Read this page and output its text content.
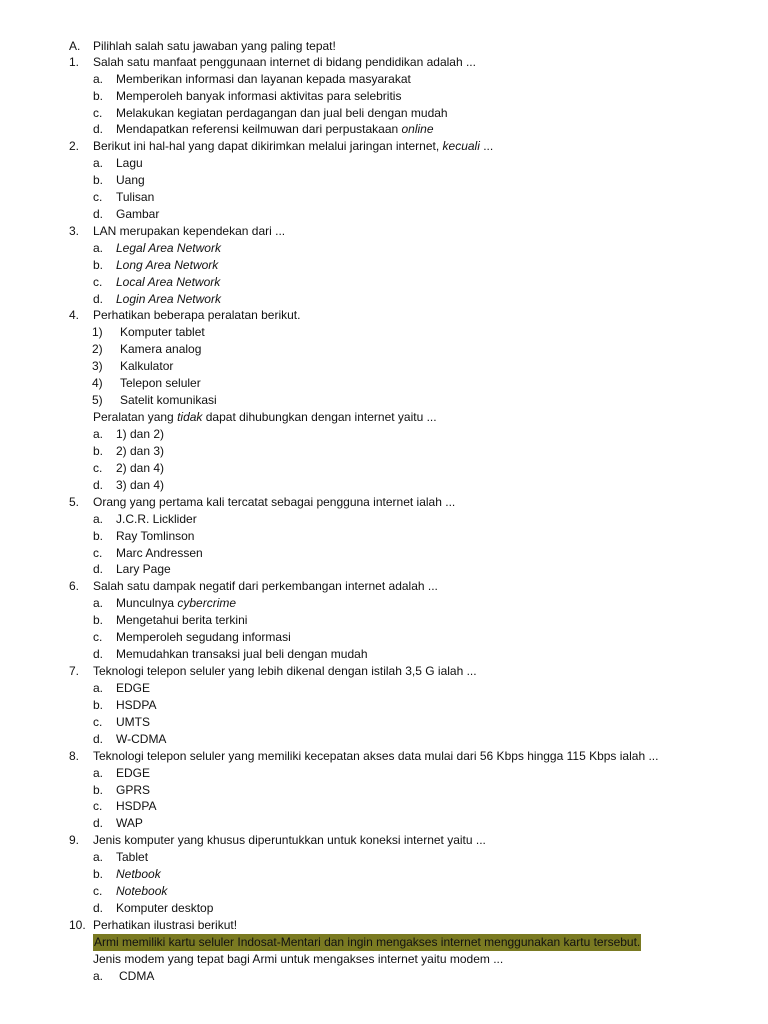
A. Pilihlah salah satu jawaban yang paling tepat!
1. Salah satu manfaat penggunaan internet di bidang pendidikan adalah ...
a. Memberikan informasi dan layanan kepada masyarakat
b. Memperoleh banyak informasi aktivitas para selebritis
c. Melakukan kegiatan perdagangan dan jual beli dengan mudah
d. Mendapatkan referensi keilmuwan dari perpustakaan online
2. Berikut ini hal-hal yang dapat dikirimkan melalui jaringan internet, kecuali ...
a. Lagu
b. Uang
c. Tulisan
d. Gambar
3. LAN merupakan kependekan dari ...
a. Legal Area Network
b. Long Area Network
c. Local Area Network
d. Login Area Network
4. Perhatikan beberapa peralatan berikut.
1) Komputer tablet
2) Kamera analog
3) Kalkulator
4) Telepon seluler
5) Satelit komunikasi
Peralatan yang tidak dapat dihubungkan dengan internet yaitu ...
a. 1) dan 2)
b. 2) dan 3)
c. 2) dan 4)
d. 3) dan 4)
5. Orang yang pertama kali tercatat sebagai pengguna internet ialah ...
a. J.C.R. Licklider
b. Ray Tomlinson
c. Marc Andressen
d. Lary Page
6. Salah satu dampak negatif dari perkembangan internet adalah ...
a. Munculnya cybercrime
b. Mengetahui berita terkini
c. Memperoleh segudang informasi
d. Memudahkan transaksi jual beli dengan mudah
7. Teknologi telepon seluler yang lebih dikenal dengan istilah 3,5 G ialah ...
a. EDGE
b. HSDPA
c. UMTS
d. W-CDMA
8. Teknologi telepon seluler yang memiliki kecepatan akses data mulai dari 56 Kbps hingga 115 Kbps ialah ...
a. EDGE
b. GPRS
c. HSDPA
d. WAP
9. Jenis komputer yang khusus diperuntukkan untuk koneksi internet yaitu ...
a. Tablet
b. Netbook
c. Notebook
d. Komputer desktop
10. Perhatikan ilustrasi berikut!
Armi memiliki kartu seluler Indosat-Mentari dan ingin mengakses internet menggunakan kartu tersebut.
Jenis modem yang tepat bagi Armi untuk mengakses internet yaitu modem ...
a. CDMA
